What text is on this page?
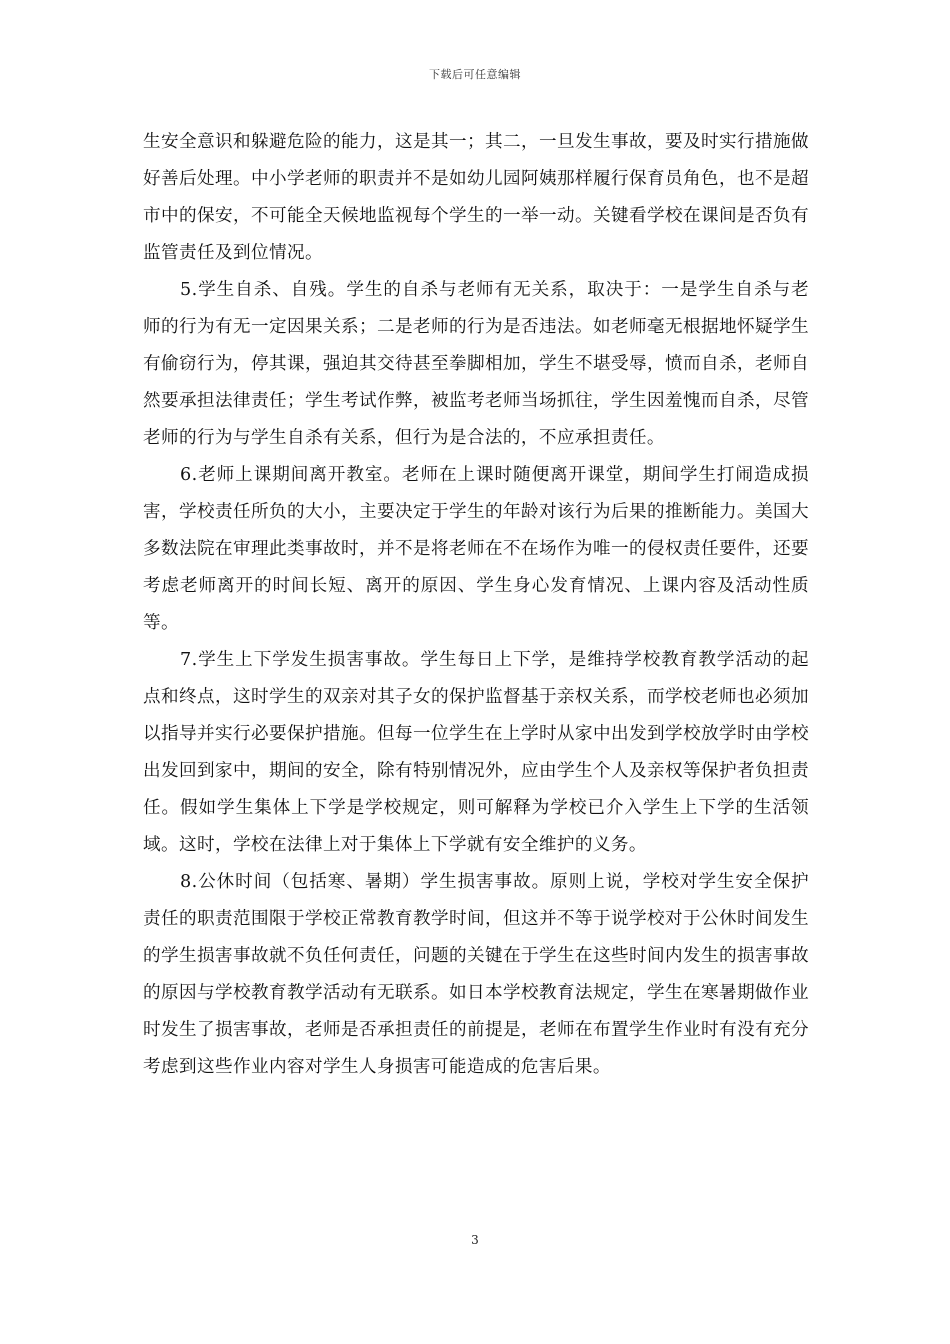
下载后可任意编辑

生安全意识和躲避危险的能力，这是其一；其二，一旦发生事故，要及时实行措施做好善后处理。中小学老师的职责并不是如幼儿园阿姨那样履行保育员角色，也不是超市中的保安，不可能全天候地监视每个学生的一举一动。关键看学校在课间是否负有监管责任及到位情况。

5.学生自杀、自残。学生的自杀与老师有无关系，取决于：一是学生自杀与老师的行为有无一定因果关系；二是老师的行为是否违法。如老师毫无根据地怀疑学生有偷窃行为，停其课，强迫其交待甚至拳脚相加，学生不堪受辱，愤而自杀，老师自然要承担法律责任；学生考试作弊，被监考老师当场抓往，学生因羞愧而自杀，尽管老师的行为与学生自杀有关系，但行为是合法的，不应承担责任。

6.老师上课期间离开教室。老师在上课时随便离开课堂，期间学生打闹造成损害，学校责任所负的大小，主要决定于学生的年龄对该行为后果的推断能力。美国大多数法院在审理此类事故时，并不是将老师在不在场作为唯一的侵权责任要件，还要考虑老师离开的时间长短、离开的原因、学生身心发育情况、上课内容及活动性质等。

7.学生上下学发生损害事故。学生每日上下学，是维持学校教育教学活动的起点和终点，这时学生的双亲对其子女的保护监督基于亲权关系，而学校老师也必须加以指导并实行必要保护措施。但每一位学生在上学时从家中出发到学校放学时由学校出发回到家中，期间的安全，除有特别情况外，应由学生个人及亲权等保护者负担责任。假如学生集体上下学是学校规定，则可解释为学校已介入学生上下学的生活领域。这时，学校在法律上对于集体上下学就有安全维护的义务。

8.公休时间（包括寒、暑期）学生损害事故。原则上说，学校对学生安全保护责任的职责范围限于学校正常教育教学时间，但这并不等于说学校对于公休时间发生的学生损害事故就不负任何责任，问题的关键在于学生在这些时间内发生的损害事故的原因与学校教育教学活动有无联系。如日本学校教育法规定，学生在寒暑期做作业时发生了损害事故，老师是否承担责任的前提是，老师在布置学生作业时有没有充分考虑到这些作业内容对学生人身损害可能造成的危害后果。

3
